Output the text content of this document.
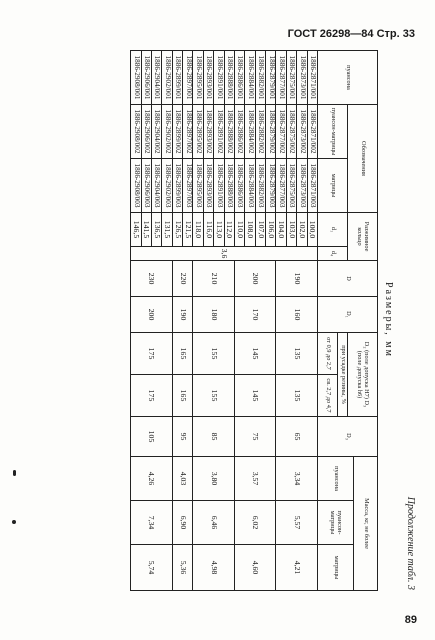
ГОСТ 26298—84 Стр. 33
Продолжение табл. 3
Размеры, мм
пуансона	Обозначения		Разжимное кольцо		D	D₁	D₂ (поле допуска H7) D₃ (поле допуска h6)		D₃	Масса, кг, не более		
										пуансона	пуансон-матрицы	матрицы
	пуансон-матрицы	матрицы	d₁	d₄			при усадке резины, %					
							от 0,9 до 2,7	св. 2,7 до 4,7				
1886-2871/001	1886-2871/002	1886-2871/003	100,0	3,6	190	160	135	135	65	3,34	5,57	4,21
1886-2873/001	1886-2873/002	1886-2873/003	102,0									
1886-2875/001	1886-2875/002	1886-2875/003	103,0									
1886-2877/001	1886-2877/002	1886-2877/003	104,0									
1886-2879/001	1886-2879/002	1886-2879/003	106,0		200	170	145	145	75	3,57	6,02	4,60
1886-2882/001	1886-2882/002	1886-2882/003	107,0									
1886-2884/001	1886-2884/002	1886-2884/003	108,0									
1886-2886/001	1886-2886/002	1886-2886/003	110,0									
1886-2888/001	1886-2888/002	1886-2888/003	112,0		210	180	155	155	85	3,80	6,46	4,98
1886-2891/001	1886-2891/002	1886-2891/003	113,0									
1886-2893/001	1886-2893/002	1886-2893/003	116,0									
1886-2895/001	1886-2895/002	1886-2895/003	118,0									
1886-2897/001	1886-2897/002	1886-2897/003	121,5		220	190	165	165	95	4,03	6,90	5,36
1886-2899/001	1886-2899/002	1886-2899/003	126,5									
1886-2902/001	1886-2902/002	1886-2902/003	131,5		230	200	175	175	105	4,26	7,34	5,74
1886-2904/001	1886-2904/002	1886-2904/003	136,5									
1886-2906/001	1886-2906/002	1886-2906/003	141,5									
1886-2908/001	1886-2908/002	1886-2908/003	146,5									
89
